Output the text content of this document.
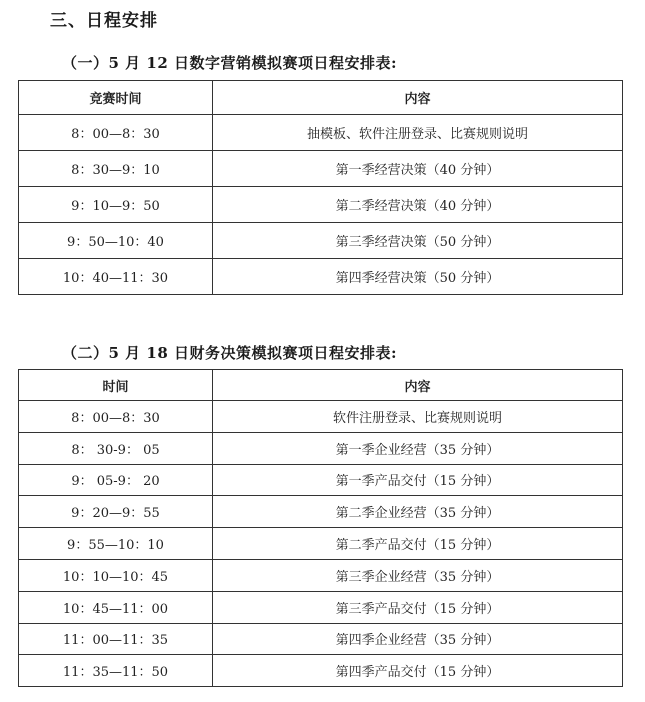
三、日程安排
（一）5 月 12 日数字营销模拟赛项日程安排表:
竞赛时间	内容
8：00—8：30	抽模板、软件注册登录、比赛规则说明
8：30—9：10	第一季经营决策（40 分钟）
9：10—9：50	第二季经营决策（40 分钟）
9：50—10：40	第三季经营决策（50 分钟）
10：40—11：30	第四季经营决策（50 分钟）
（二）5 月 18 日财务决策模拟赛项日程安排表:
时间	内容
8：00—8：30	软件注册登录、比赛规则说明
8： 30-9： 05	第一季企业经营（35 分钟）
9： 05-9： 20	第一季产品交付（15 分钟）
9：20—9：55	第二季企业经营（35 分钟）
9：55—10：10	第二季产品交付（15 分钟）
10：10—10：45	第三季企业经营（35 分钟）
10：45—11：00	第三季产品交付（15 分钟）
11：00—11：35	第四季企业经营（35 分钟）
11：35—11：50	第四季产品交付（15 分钟）
